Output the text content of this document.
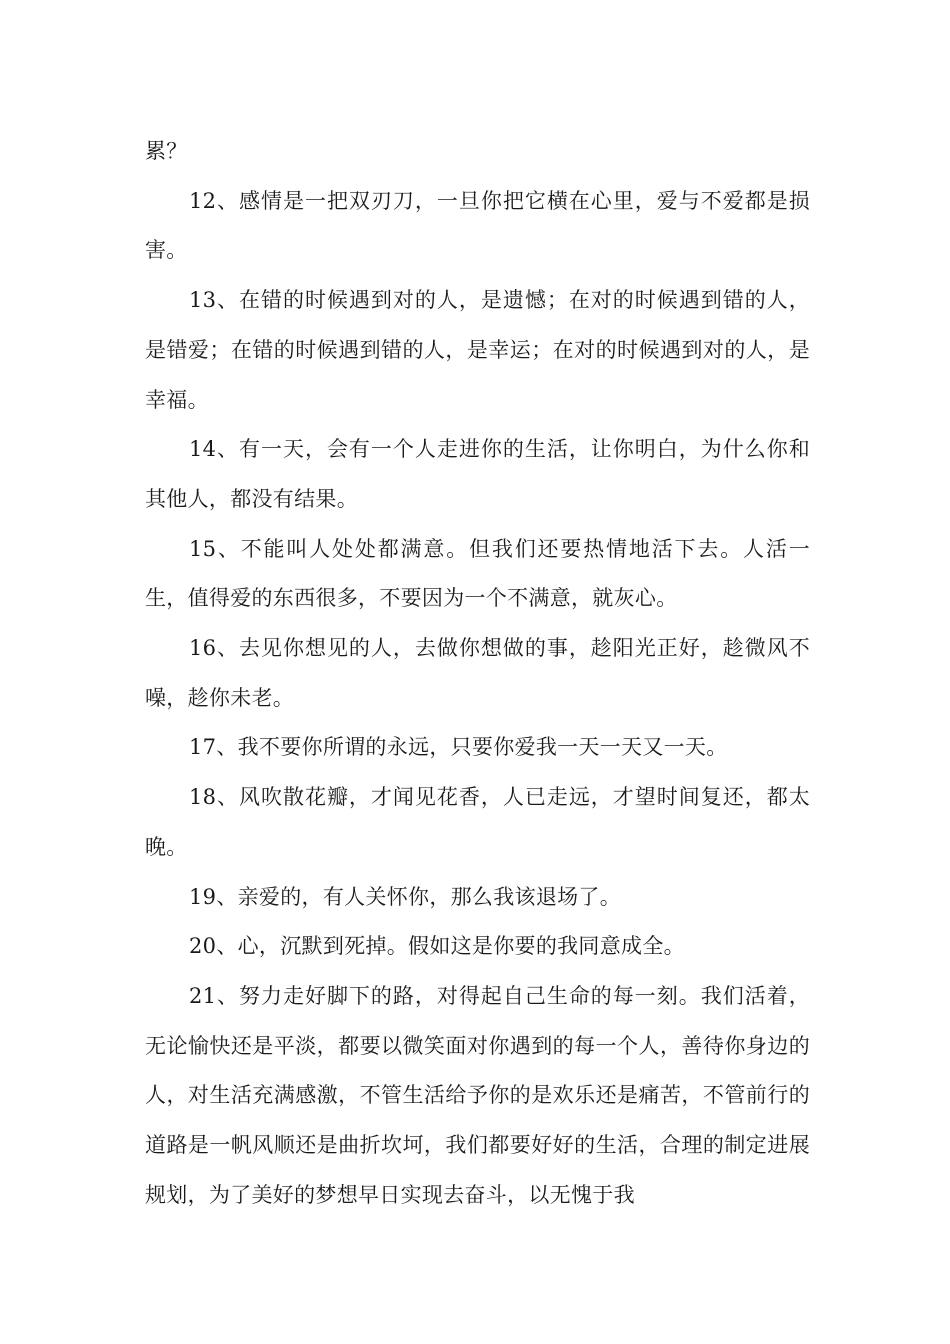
累？

12、感情是一把双刃刀，一旦你把它横在心里，爱与不爱都是损害。

13、在错的时候遇到对的人，是遗憾；在对的时候遇到错的人，是错爱；在错的时候遇到错的人，是幸运；在对的时候遇到对的人，是幸福。

14、有一天，会有一个人走进你的生活，让你明白，为什么你和其他人，都没有结果。

15、不能叫人处处都满意。但我们还要热情地活下去。人活一生，值得爱的东西很多，不要因为一个不满意，就灰心。

16、去见你想见的人，去做你想做的事，趁阳光正好，趁微风不噪，趁你未老。

17、我不要你所谓的永远，只要你爱我一天一天又一天。

18、风吹散花瓣，才闻见花香，人已走远，才望时间复还，都太晚。

19、亲爱的，有人关怀你，那么我该退场了。

20、心，沉默到死掉。假如这是你要的我同意成全。

21、努力走好脚下的路，对得起自己生命的每一刻。我们活着，无论愉快还是平淡，都要以微笑面对你遇到的每一个人，善待你身边的人，对生活充满感激，不管生活给予你的是欢乐还是痛苦，不管前行的道路是一帆风顺还是曲折坎坷，我们都要好好的生活，合理的制定进展规划，为了美好的梦想早日实现去奋斗，以无愧于我
